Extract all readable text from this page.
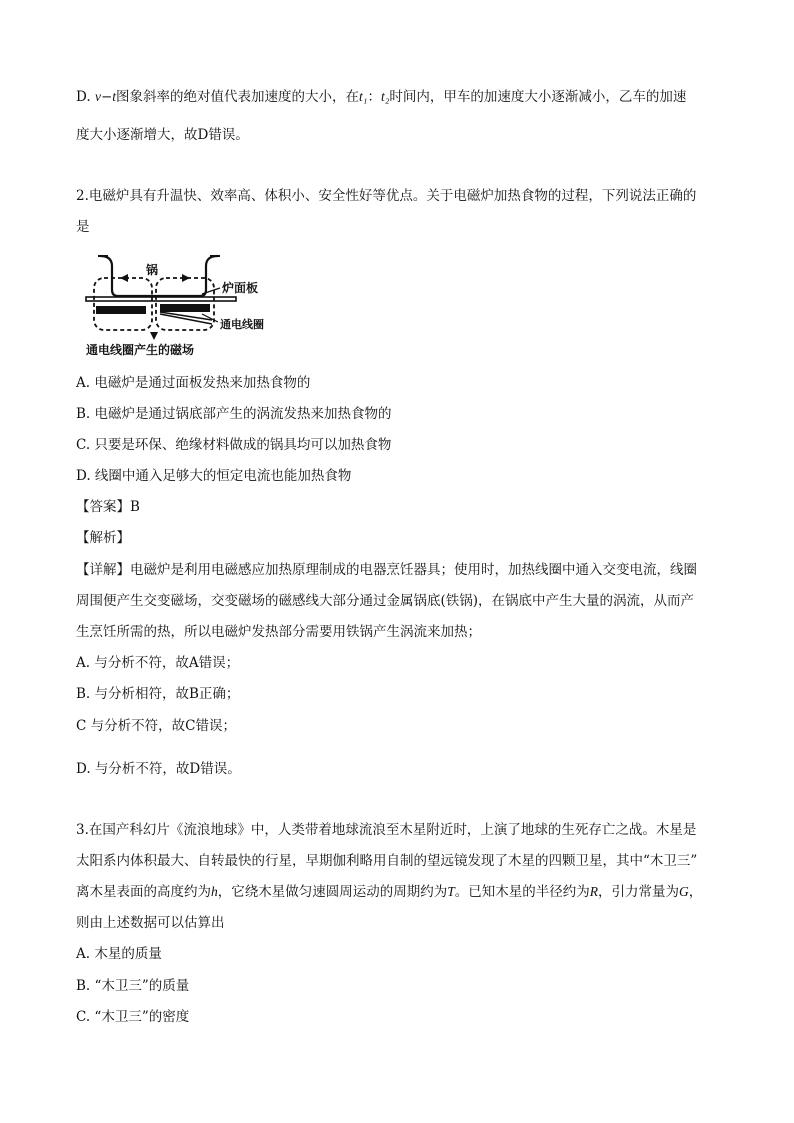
D. v−t图象斜率的绝对值代表加速度的大小，在t₁：t₂时间内，甲车的加速度大小逐渐减小，乙车的加速
度大小逐渐增大，故D错误。
2.电磁炉具有升温快、效率高、体积小、安全性好等优点。关于电磁炉加热食物的过程，下列说法正确的
是
锅
炉面板
通电线圈
通电线圈产生的磁场
A. 电磁炉是通过面板发热来加热食物的
B. 电磁炉是通过锅底部产生的涡流发热来加热食物的
C. 只要是环保、绝缘材料做成的锅具均可以加热食物
D. 线圈中通入足够大的恒定电流也能加热食物
【答案】B
【解析】
【详解】电磁炉是利用电磁感应加热原理制成的电器烹饪器具；使用时，加热线圈中通入交变电流，线圈
周围便产生交变磁场，交变磁场的磁感线大部分通过金属锅底(铁锅)，在锅底中产生大量的涡流，从而产
生烹饪所需的热，所以电磁炉发热部分需要用铁锅产生涡流来加热；
A. 与分析不符，故A错误；
B. 与分析相符，故B正确；
C 与分析不符，故C错误；
D. 与分析不符，故D错误。
3.在国产科幻片《流浪地球》中，人类带着地球流浪至木星附近时，上演了地球的生死存亡之战。木星是
太阳系内体积最大、自转最快的行星，早期伽利略用自制的望远镜发现了木星的四颗卫星，其中“木卫三”
离木星表面的高度约为h，它绕木星做匀速圆周运动的周期约为T。已知木星的半径约为R，引力常量为G，
则由上述数据可以估算出
A. 木星的质量
B. “木卫三”的质量
C. “木卫三”的密度
